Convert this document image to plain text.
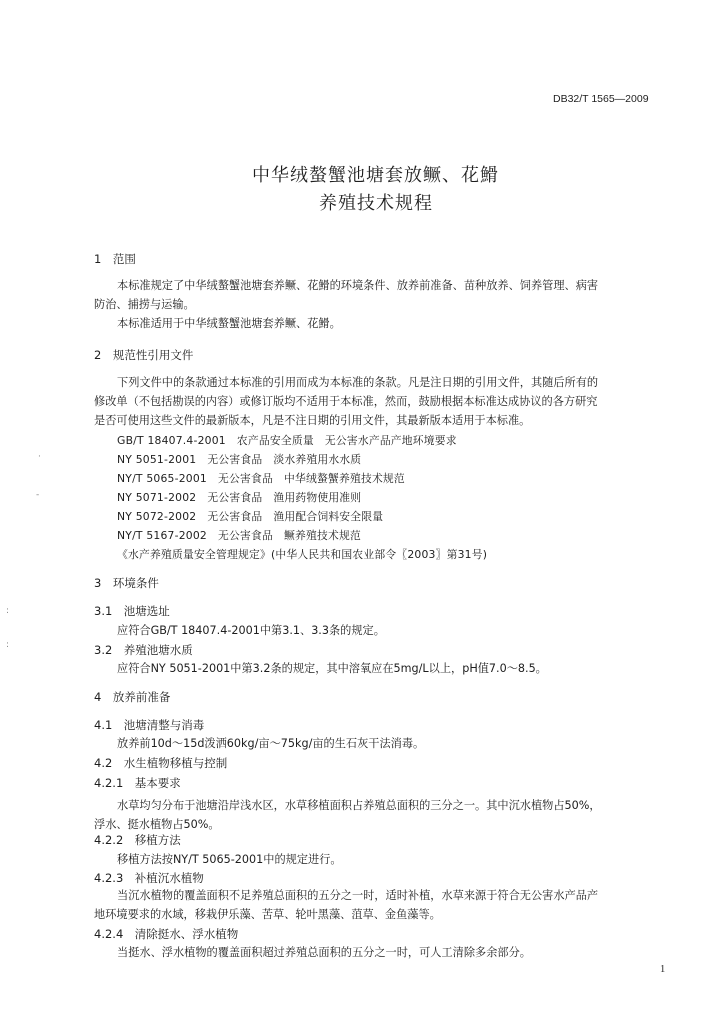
DB32/T 1565—2009
中华绒螯蟹池塘套放鳜、花䱻
养殖技术规程
1　范围
本标准规定了中华绒螯蟹池塘套养鳜、花䱻的环境条件、放养前准备、苗种放养、饲养管理、病害
防治、捕捞与运输。
本标准适用于中华绒螯蟹池塘套养鳜、花䱻。
2　规范性引用文件
下列文件中的条款通过本标准的引用而成为本标准的条款。凡是注日期的引用文件，其随后所有的
修改单（不包括勘误的内容）或修订版均不适用于本标准，然而，鼓励根据本标准达成协议的各方研究
是否可使用这些文件的最新版本，凡是不注日期的引用文件，其最新版本适用于本标准。
GB/T 18407.4-2001　农产品安全质量　无公害水产品产地环境要求
NY 5051-2001　无公害食品　淡水养殖用水水质
NY/T 5065-2001　无公害食品　中华绒螯蟹养殖技术规范
NY 5071-2002　无公害食品　渔用药物使用准则
NY 5072-2002　无公害食品　渔用配合饲料安全限量
NY/T 5167-2002　无公害食品　鳜养殖技术规范
《水产养殖质量安全管理规定》(中华人民共和国农业部令〖2003〗第31号)
3　环境条件
3.1　池塘选址
应符合GB/T 18407.4-2001中第3.1、3.3条的规定。
3.2　养殖池塘水质
应符合NY 5051-2001中第3.2条的规定，其中溶氧应在5mg/L以上，pH值7.0～8.5。
4　放养前准备
4.1　池塘清整与消毒
放养前10d～15d泼洒60kg/亩～75kg/亩的生石灰干法消毒。
4.2　水生植物移植与控制
4.2.1　基本要求
水草均匀分布于池塘沿岸浅水区，水草移植面积占养殖总面积的三分之一。其中沉水植物占50%，
浮水、挺水植物占50%。
4.2.2　移植方法
移植方法按NY/T 5065-2001中的规定进行。
4.2.3　补植沉水植物
当沉水植物的覆盖面积不足养殖总面积的五分之一时，适时补植，水草来源于符合无公害水产品产
地环境要求的水域，移栽伊乐藻、苦草、轮叶黑藻、菹草、金鱼藻等。
4.2.4　清除挺水、浮水植物
当挺水、浮水植物的覆盖面积超过养殖总面积的五分之一时，可人工清除多余部分。
1
·
-
:
:
